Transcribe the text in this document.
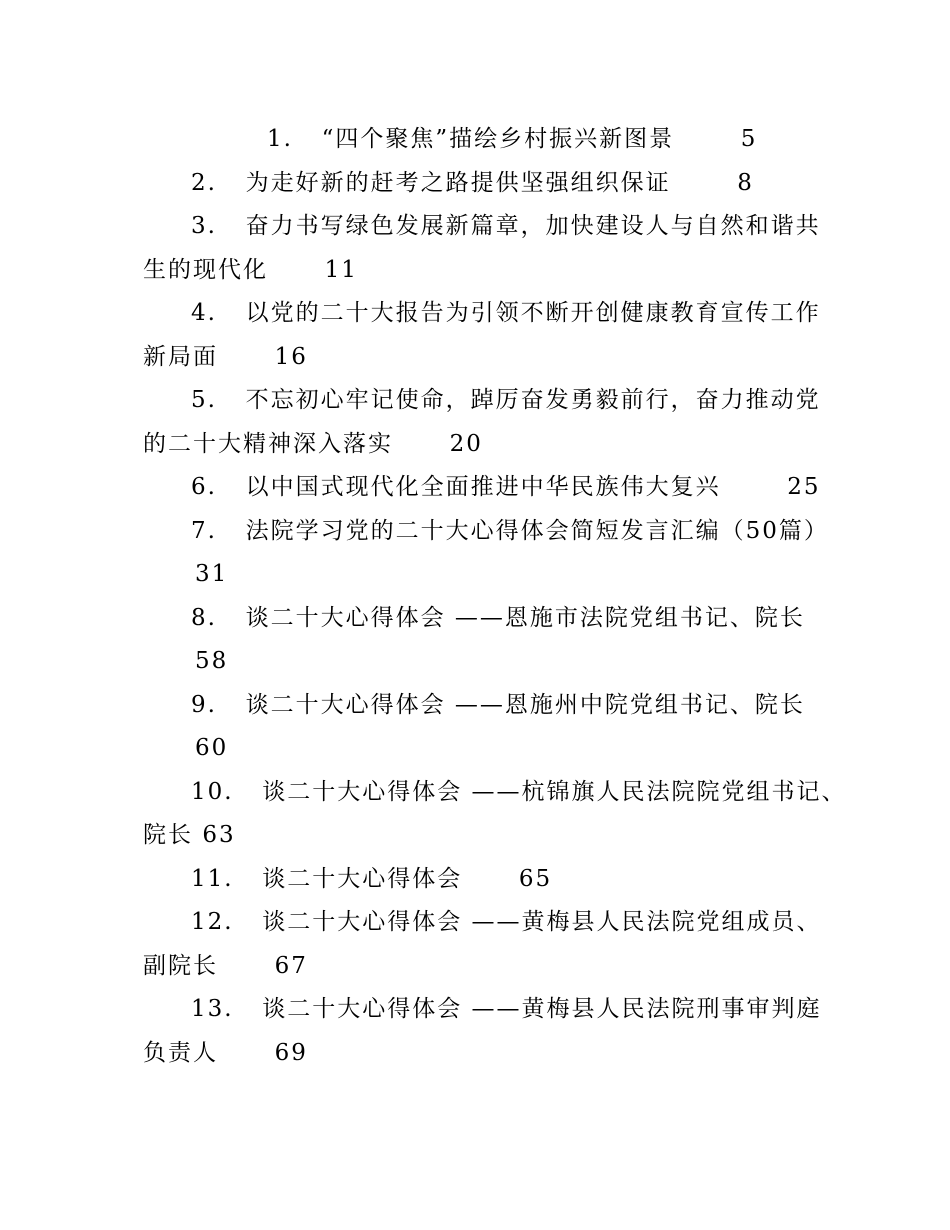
1. “四个聚焦”描绘乡村振兴新图景	5
2. 为走好新的赶考之路提供坚强组织保证	8
3. 奋力书写绿色发展新篇章，加快建设人与自然和谐共
生的现代化 11
4. 以党的二十大报告为引领不断开创健康教育宣传工作
新局面 16
5. 不忘初心牢记使命，踔厉奋发勇毅前行，奋力推动党
的二十大精神深入落实 20
6. 以中国式现代化全面推进中华民族伟大复兴	25
7. 法院学习党的二十大心得体会简短发言汇编（50篇）
31
8. 谈二十大心得体会 ——恩施市法院党组书记、院长
58
9. 谈二十大心得体会 ——恩施州中院党组书记、院长
60
10. 谈二十大心得体会 ——杭锦旗人民法院院党组书记、
院长 63
11. 谈二十大心得体会 65
12. 谈二十大心得体会 ——黄梅县人民法院党组成员、
副院长 67
13. 谈二十大心得体会 ——黄梅县人民法院刑事审判庭
负责人 69
